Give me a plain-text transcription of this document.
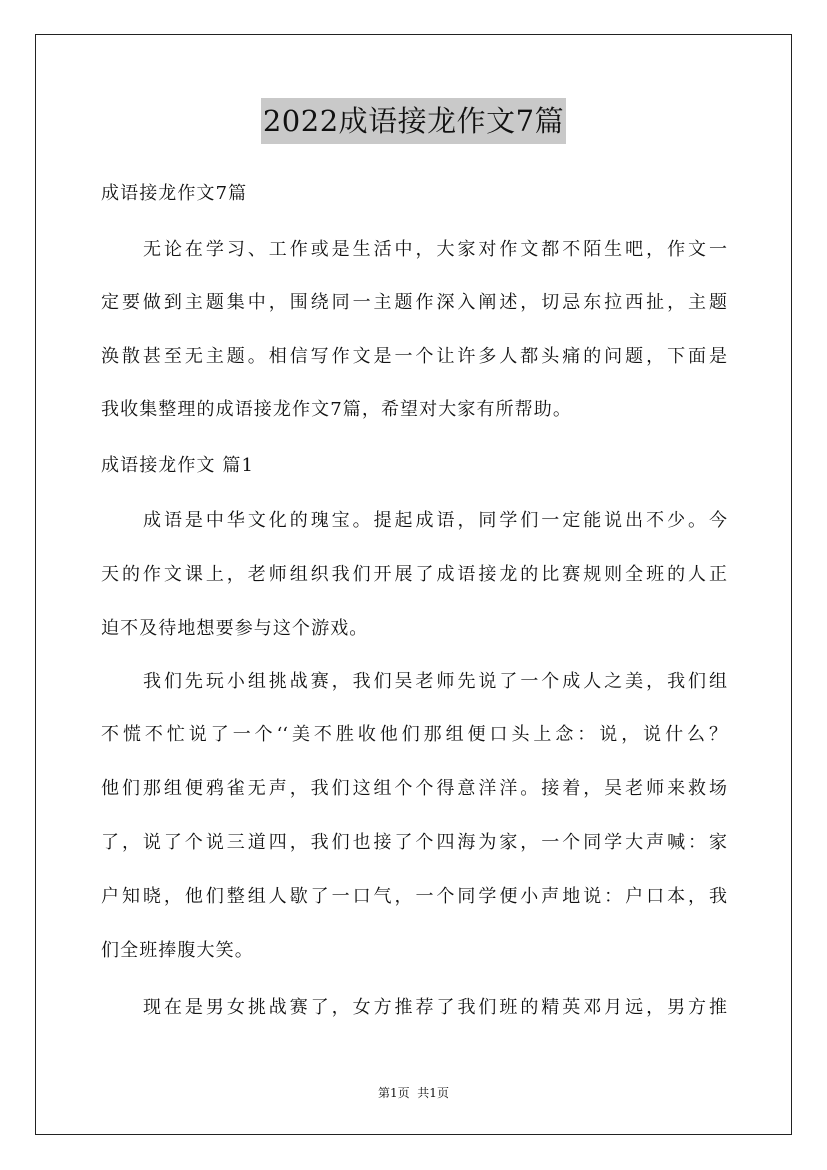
2022成语接龙作文7篇
成语接龙作文7篇
无论在学习、工作或是生活中，大家对作文都不陌生吧，作文一
定要做到主题集中，围绕同一主题作深入阐述，切忌东拉西扯，主题
涣散甚至无主题。相信写作文是一个让许多人都头痛的问题，下面是
我收集整理的成语接龙作文7篇，希望对大家有所帮助。
成语接龙作文 篇1
成语是中华文化的瑰宝。提起成语，同学们一定能说出不少。今
天的作文课上，老师组织我们开展了成语接龙的比赛规则全班的人正
迫不及待地想要参与这个游戏。
我们先玩小组挑战赛，我们吴老师先说了一个成人之美，我们组
不慌不忙说了一个‘‘美不胜收他们那组便口头上念：说，说什么？
他们那组便鸦雀无声，我们这组个个得意洋洋。接着，吴老师来救场
了，说了个说三道四，我们也接了个四海为家，一个同学大声喊：家
户知晓，他们整组人歇了一口气，一个同学便小声地说：户口本，我
们全班捧腹大笑。
现在是男女挑战赛了，女方推荐了我们班的精英邓月远，男方推
第1页  共1页
